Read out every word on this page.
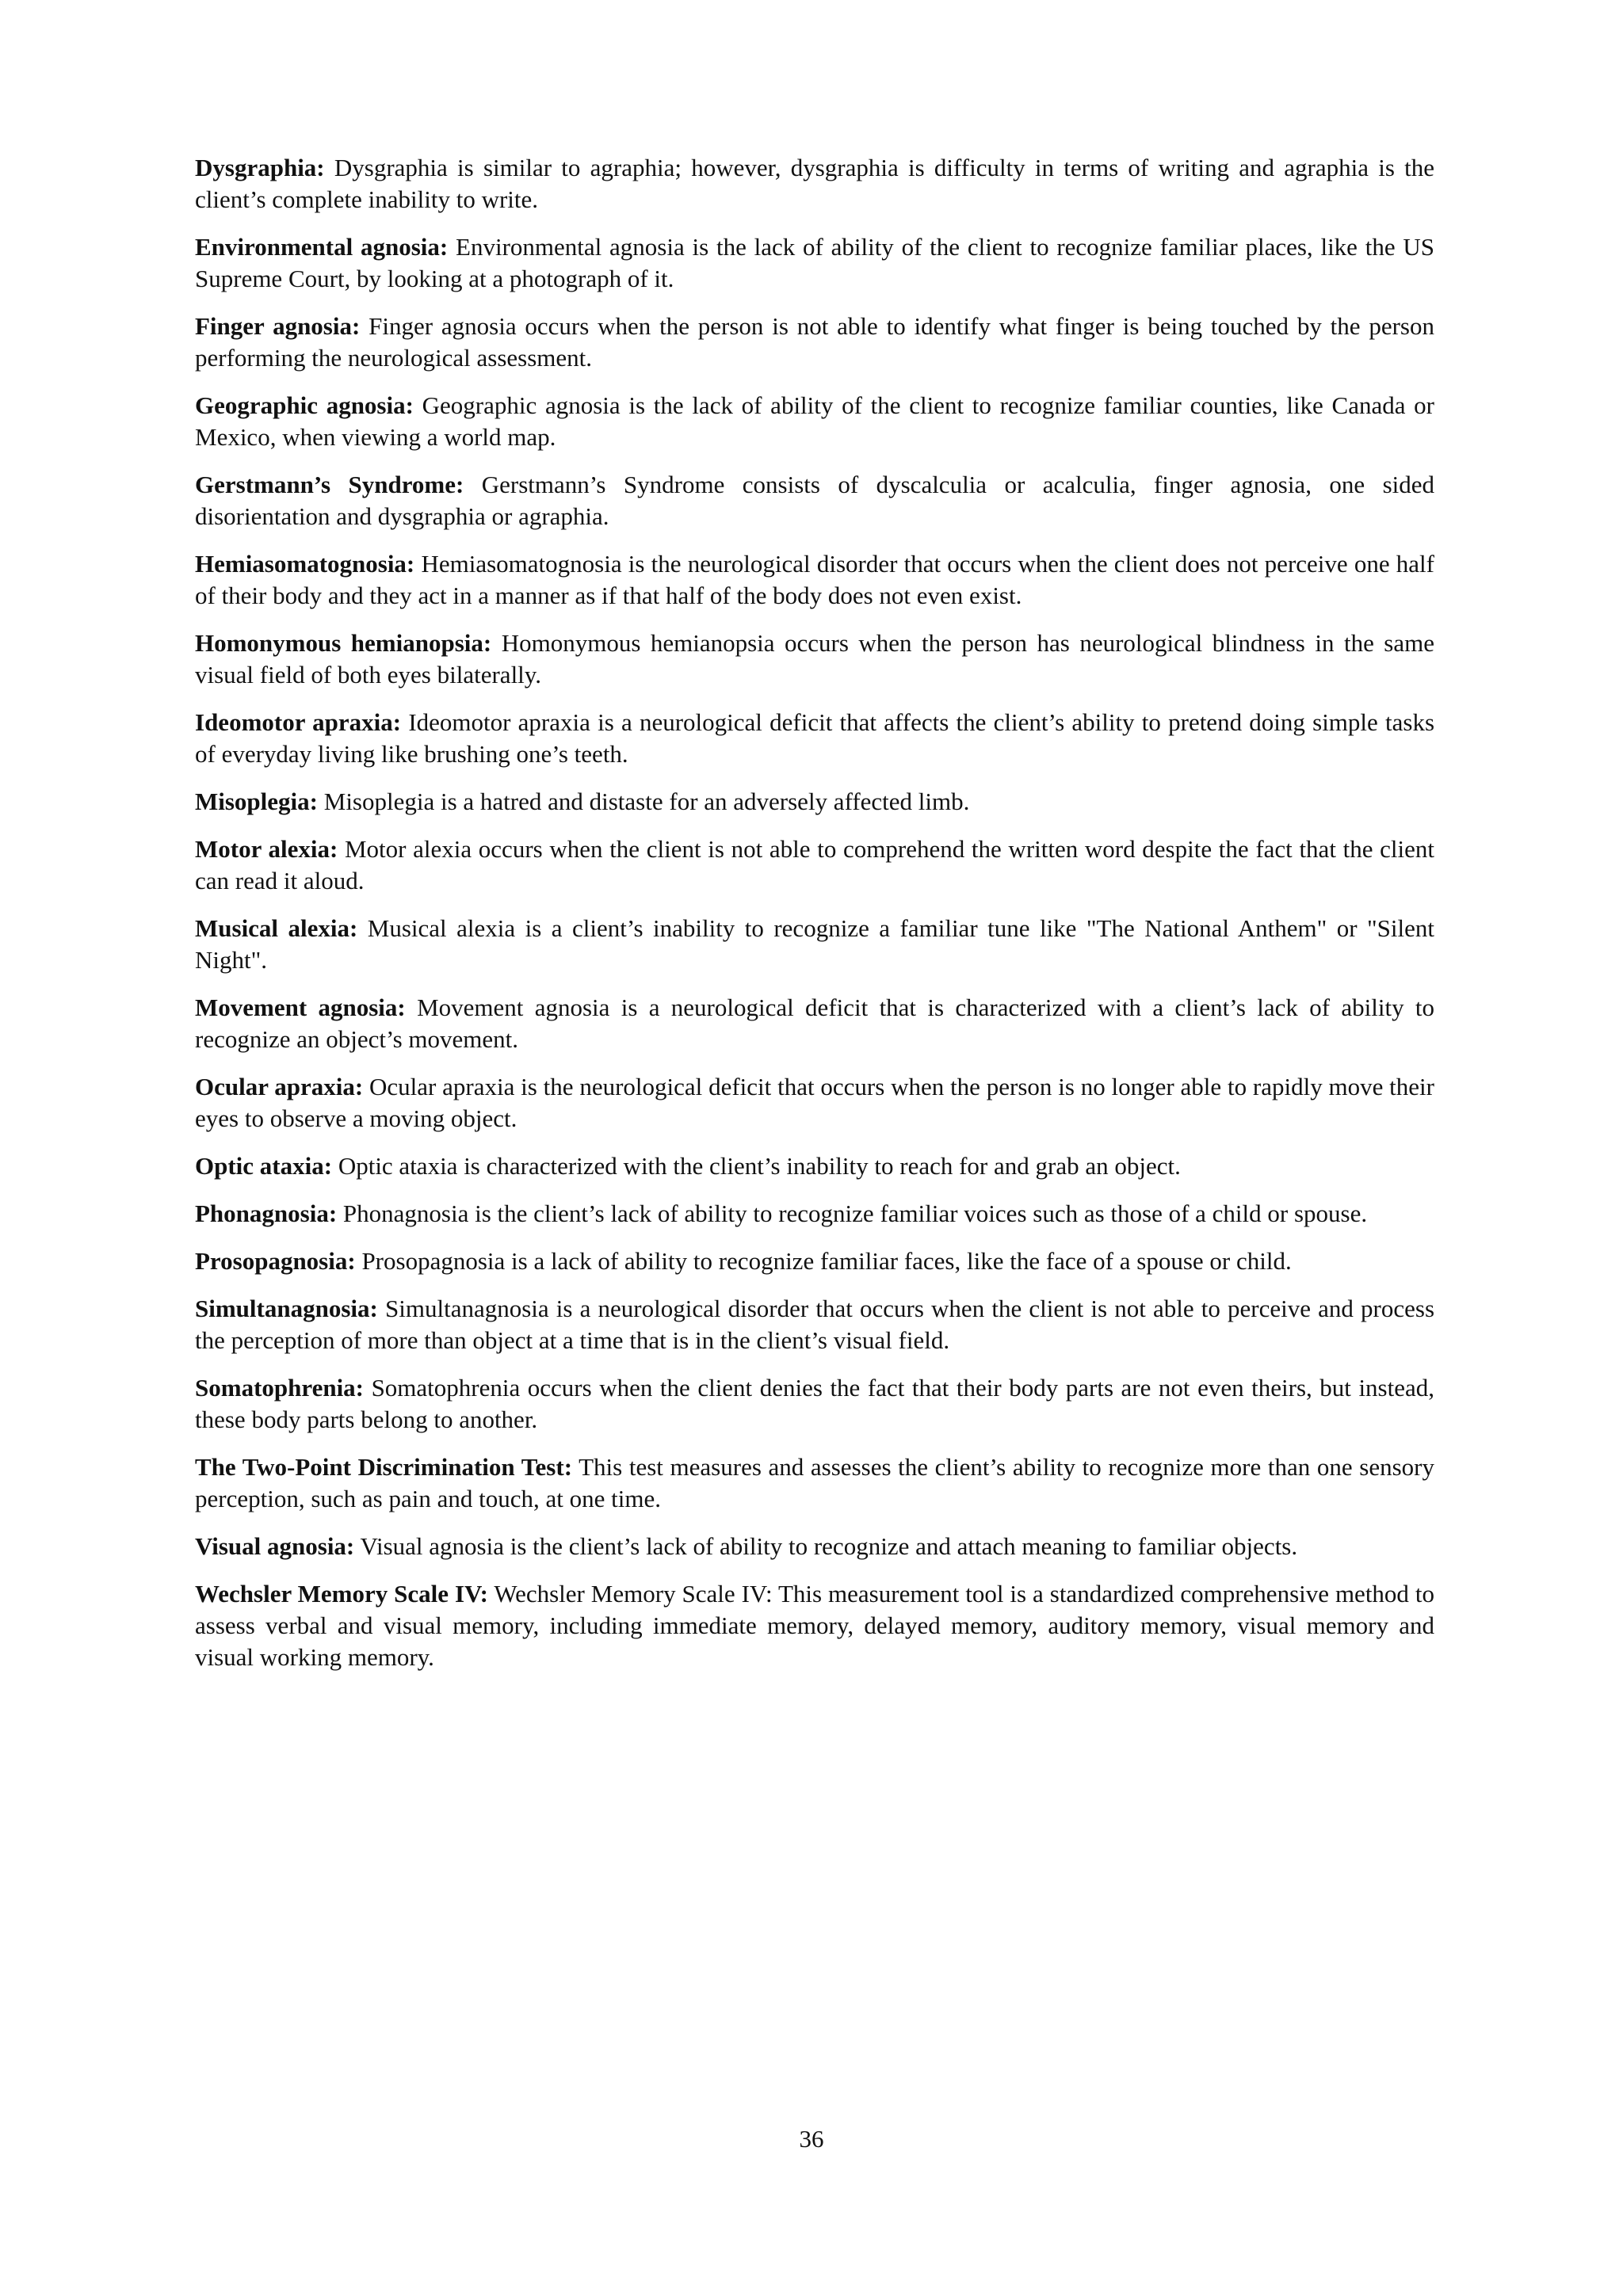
Dysgraphia: Dysgraphia is similar to agraphia; however, dysgraphia is difficulty in terms of writing and agraphia is the client’s complete inability to write.

Environmental agnosia: Environmental agnosia is the lack of ability of the client to recognize familiar places, like the US Supreme Court, by looking at a photograph of it.

Finger agnosia: Finger agnosia occurs when the person is not able to identify what finger is being touched by the person performing the neurological assessment.

Geographic agnosia: Geographic agnosia is the lack of ability of the client to recognize familiar counties, like Canada or Mexico, when viewing a world map.

Gerstmann’s Syndrome: Gerstmann’s Syndrome consists of dyscalculia or acalculia, finger agnosia, one sided disorientation and dysgraphia or agraphia.

Hemiasomatognosia: Hemiasomatognosia is the neurological disorder that occurs when the client does not perceive one half of their body and they act in a manner as if that half of the body does not even exist.

Homonymous hemianopsia: Homonymous hemianopsia occurs when the person has neurological blindness in the same visual field of both eyes bilaterally.

Ideomotor apraxia: Ideomotor apraxia is a neurological deficit that affects the client’s ability to pretend doing simple tasks of everyday living like brushing one’s teeth.

Misoplegia: Misoplegia is a hatred and distaste for an adversely affected limb.

Motor alexia: Motor alexia occurs when the client is not able to comprehend the written word despite the fact that the client can read it aloud.

Musical alexia: Musical alexia is a client’s inability to recognize a familiar tune like "The National Anthem" or "Silent Night".

Movement agnosia: Movement agnosia is a neurological deficit that is characterized with a client’s lack of ability to recognize an object’s movement.

Ocular apraxia: Ocular apraxia is the neurological deficit that occurs when the person is no longer able to rapidly move their eyes to observe a moving object.

Optic ataxia: Optic ataxia is characterized with the client’s inability to reach for and grab an object.

Phonagnosia: Phonagnosia is the client’s lack of ability to recognize familiar voices such as those of a child or spouse.

Prosopagnosia: Prosopagnosia is a lack of ability to recognize familiar faces, like the face of a spouse or child.

Simultanagnosia: Simultanagnosia is a neurological disorder that occurs when the client is not able to perceive and process the perception of more than object at a time that is in the client’s visual field.

Somatophrenia: Somatophrenia occurs when the client denies the fact that their body parts are not even theirs, but instead, these body parts belong to another.

The Two-Point Discrimination Test: This test measures and assesses the client’s ability to recognize more than one sensory perception, such as pain and touch, at one time.

Visual agnosia: Visual agnosia is the client’s lack of ability to recognize and attach meaning to familiar objects.

Wechsler Memory Scale IV: Wechsler Memory Scale IV: This measurement tool is a standardized comprehensive method to assess verbal and visual memory, including immediate memory, delayed memory, auditory memory, visual memory and visual working memory.

36
